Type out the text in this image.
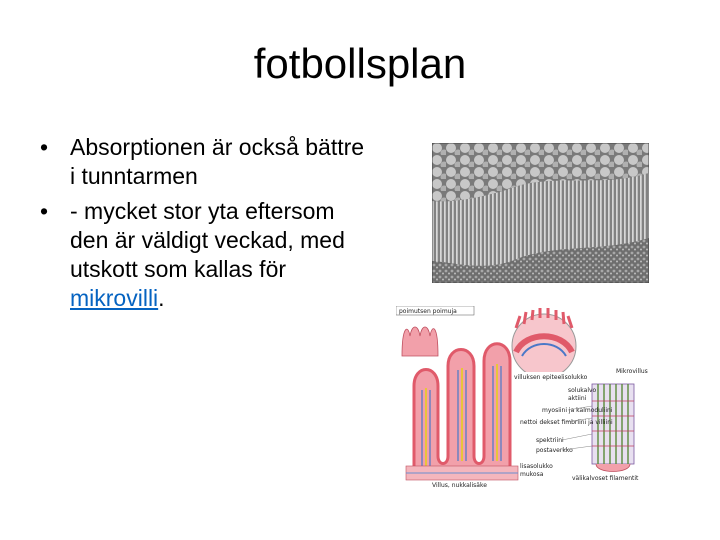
fotbollsplan
• Absorptionen är också bättre i tunntarmen
• - mycket stor yta eftersom den är väldigt veckad, med utskott som kallas för mikrovilli.
poimutsen poimuja
villuksen epiteelisolukko
Mikrovillus
solukalvo
aktiini
myosiini ja kalmoduliini
nettoi dekset fimbriini ja villiini
spektriini
postaverkko
lisasolukko
mukosa
Villus, nukkalisäke
välikalvoset filamentit
